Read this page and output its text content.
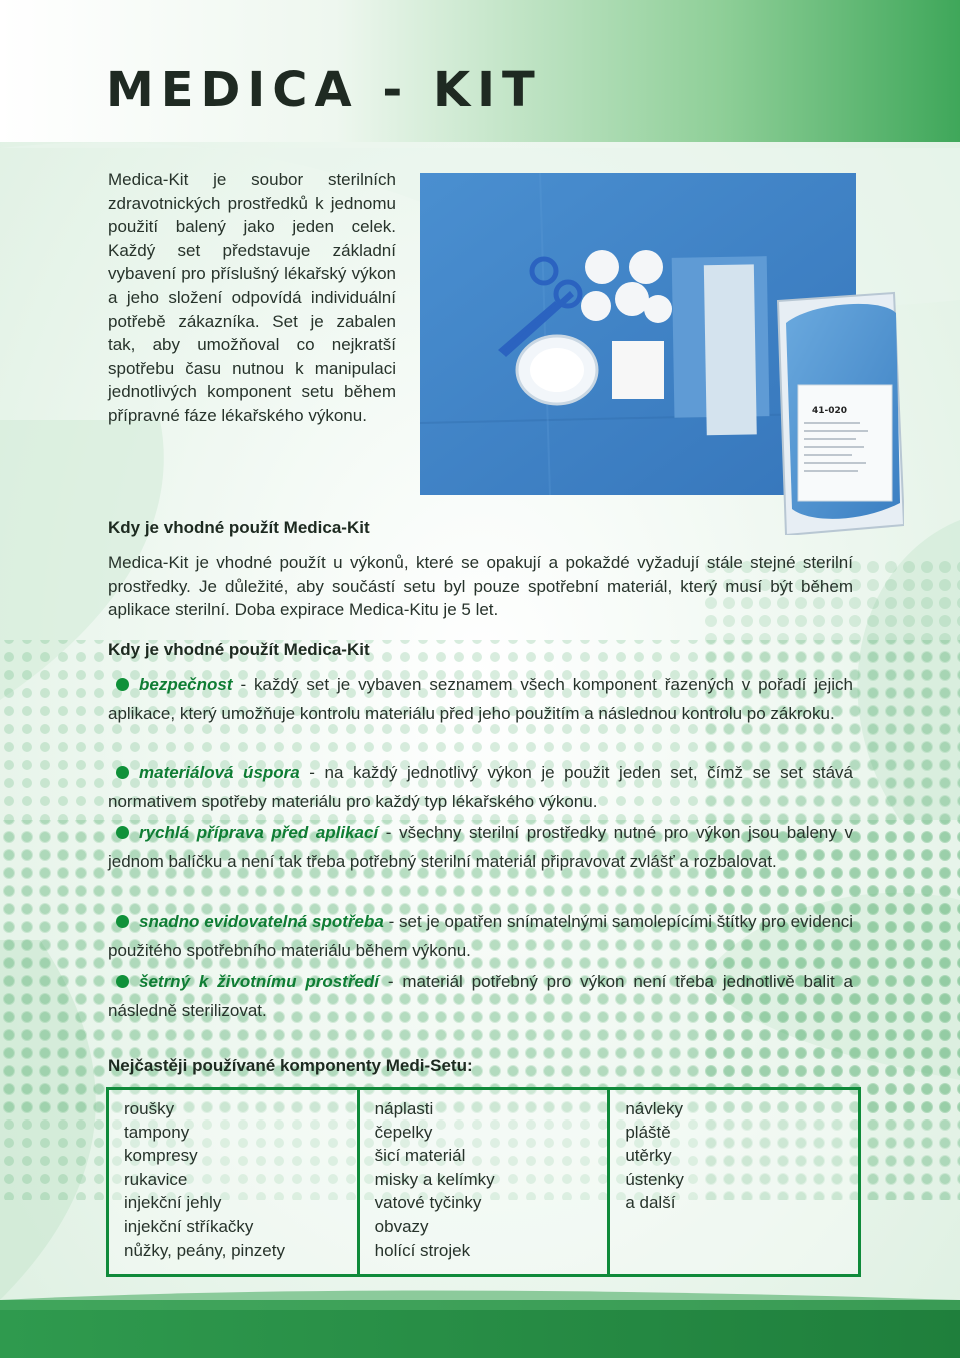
MEDICA - KIT

Medica-Kit je soubor sterilních zdravotnických prostředků k jednomu použití balený jako jeden celek. Každý set představuje základní vybavení pro příslušný lékařský výkon a jeho složení odpovídá individuální potřebě zákazníka. Set je zabalen tak, aby umožňoval co nejkratší spotřebu času nutnou k manipulaci jednotlivých komponent setu během přípravné fáze lékařského výkonu.	41-020
Kdy je vhodné použít Medica-Kit

Medica-Kit je vhodné použít u výkonů, které se opakují a pokaždé vyžadují stále stejné sterilní prostředky. Je důležité, aby součástí setu byl pouze spotřební materiál, který musí být během aplikace sterilní. Doba expirace Medica-Kitu je 5 let.

Kdy je vhodné použít Medica-Kit

bezpečnost - každý set je vybaven seznamem všech komponent řazených v pořadí jejich aplikace, který umožňuje kontrolu materiálu před jeho použitím a následnou kontrolu po zákroku.

materiálová úspora - na každý jednotlivý výkon je použit jeden set, čímž se set stává normativem spotřeby materiálu pro každý typ lékařského výkonu.

rychlá příprava před aplikací - všechny sterilní prostředky nutné pro výkon jsou baleny v jednom balíčku a není tak třeba potřebný sterilní materiál připravovat zvlášť a rozbalovat.

snadno evidovatelná spotřeba - set je opatřen snímatelnými samolepícími štítky pro evidenci použitého spotřebního materiálu během výkonu.

šetrný k životnímu prostředí - materiál potřebný pro výkon není třeba jednotlivě balit a následně sterilizovat.

Nejčastěji používané komponenty Medi-Setu:
roušky
tampony
kompresy
rukavice
injekční jehly
injekční stříkačky
nůžky, peány, pinzety
náplasti
čepelky
šicí materiál
misky a kelímky
vatové tyčinky
obvazy
holící strojek
návleky
pláště
utěrky
ústenky
a další
